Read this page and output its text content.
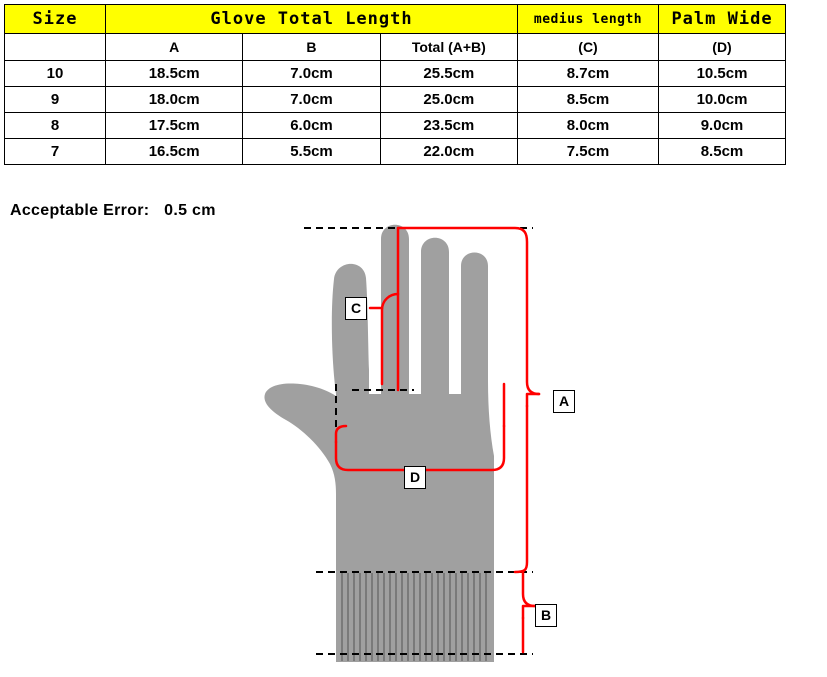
Size	Glove Total Length			medius length	Palm Wide
	A	B	Total (A+B)	(C)	(D)
10	18.5cm	7.0cm	25.5cm	8.7cm	10.5cm
9	18.0cm	7.0cm	25.0cm	8.5cm	10.0cm
8	17.5cm	6.0cm	23.5cm	8.0cm	9.0cm
7	16.5cm	5.5cm	22.0cm	7.5cm	8.5cm
Acceptable Error: 0.5 cm
C
A
D
B
